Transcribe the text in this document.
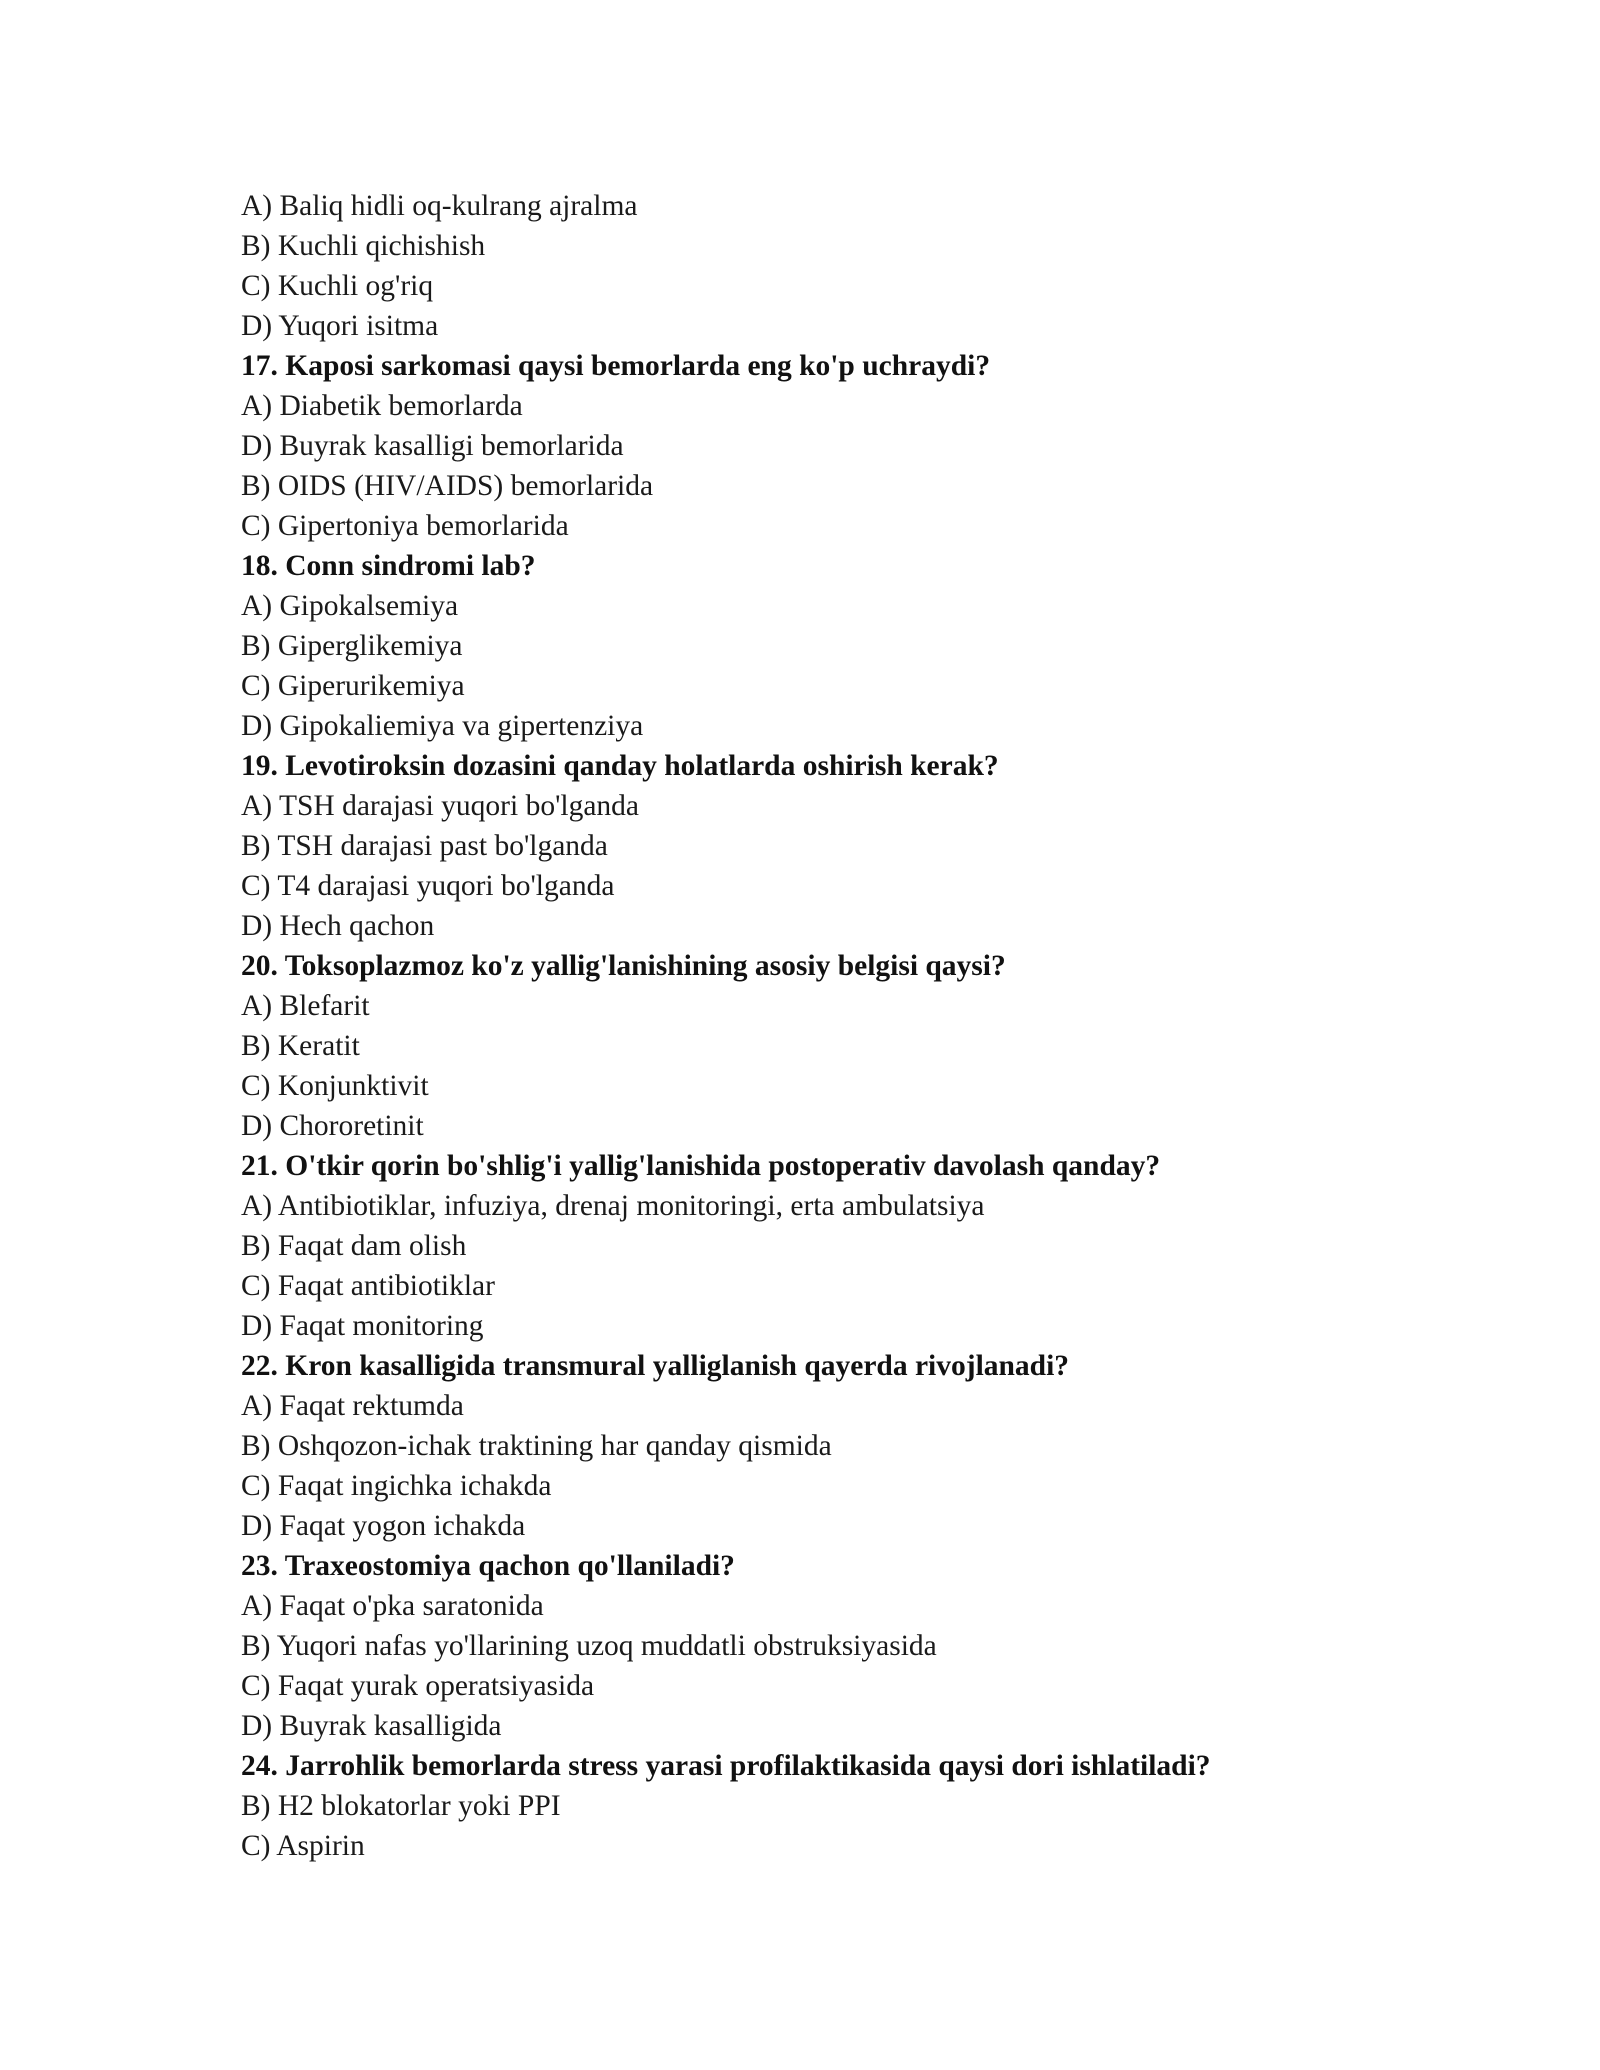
A) Baliq hidli oq-kulrang ajralma
B) Kuchli qichishish
C) Kuchli og'riq
D) Yuqori isitma
17. Kaposi sarkomasi qaysi bemorlarda eng ko'p uchraydi?
A) Diabetik bemorlarda
D) Buyrak kasalligi bemorlarida
B) OIDS (HIV/AIDS) bemorlarida
C) Gipertoniya bemorlarida
18. Conn sindromi lab?
A) Gipokalsemiya
B) Giperglikemiya
C) Giperurikemiya
D) Gipokaliemiya va gipertenziya
19. Levotiroksin dozasini qanday holatlarda oshirish kerak?
A) TSH darajasi yuqori bo'lganda
B) TSH darajasi past bo'lganda
C) T4 darajasi yuqori bo'lganda
D) Hech qachon
20. Toksoplazmoz ko'z yallig'lanishining asosiy belgisi qaysi?
A) Blefarit
B) Keratit
C) Konjunktivit
D) Chororetinit
21. O'tkir qorin bo'shlig'i yallig'lanishida postoperativ davolash qanday?
A) Antibiotiklar, infuziya, drenaj monitoringi, erta ambulatsiya
B) Faqat dam olish
C) Faqat antibiotiklar
D) Faqat monitoring
22. Kron kasalligida transmural yalliglanish qayerda rivojlanadi?
A) Faqat rektumda
B) Oshqozon-ichak traktining har qanday qismida
C) Faqat ingichka ichakda
D) Faqat yogon ichakda
23. Traxeostomiya qachon qo'llaniladi?
A) Faqat o'pka saratonida
B) Yuqori nafas yo'llarining uzoq muddatli obstruksiyasida
C) Faqat yurak operatsiyasida
D) Buyrak kasalligida
24. Jarrohlik bemorlarda stress yarasi profilaktikasida qaysi dori ishlatiladi?
B) H2 blokatorlar yoki PPI
C) Aspirin
